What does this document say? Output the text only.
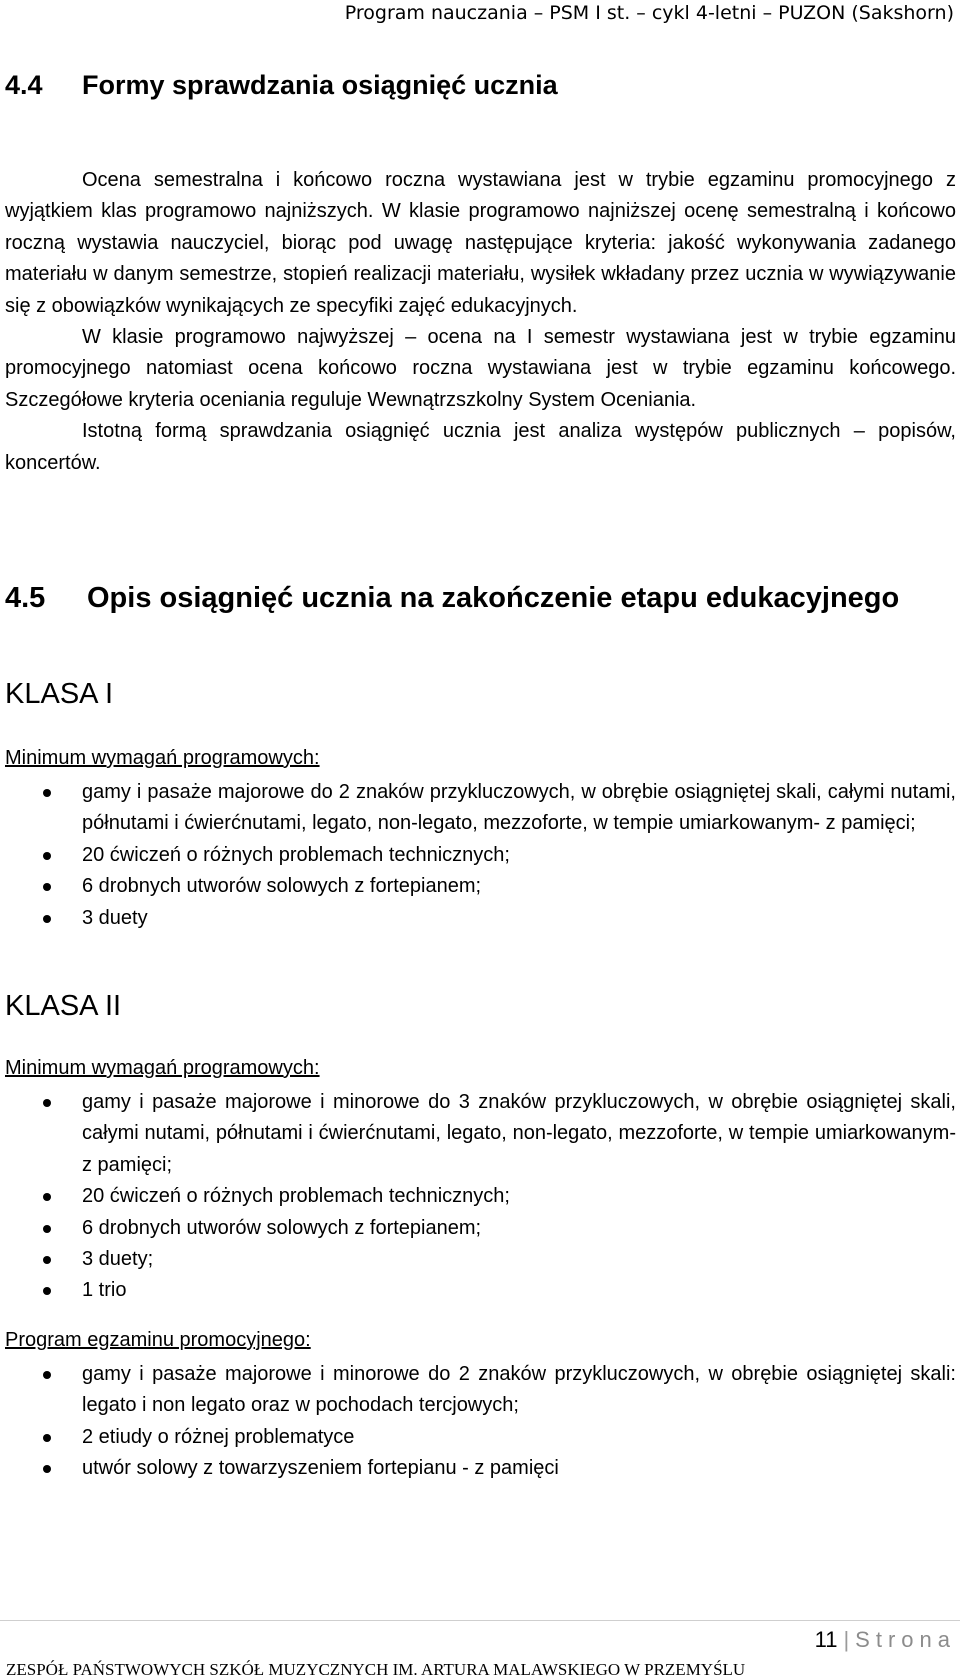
Program nauczania – PSM I st. – cykl 4-letni – PUZON (Sakshorn)
4.4 Formy sprawdzania osiągnięć ucznia

Ocena semestralna i końcowo roczna wystawiana jest w trybie egzaminu promocyjnego z wyjątkiem klas programowo najniższych. W klasie programowo najniższej ocenę semestralną i końcowo roczną wystawia nauczyciel, biorąc pod uwagę następujące kryteria: jakość wykonywania zadanego materiału w danym semestrze, stopień realizacji materiału, wysiłek wkładany przez ucznia w wywiązywanie się z obowiązków wynikających ze specyfiki zajęć edukacyjnych.

W klasie programowo najwyższej – ocena na I semestr wystawiana jest w trybie egzaminu promocyjnego natomiast ocena końcowo roczna wystawiana jest w trybie egzaminu końcowego. Szczegółowe kryteria oceniania reguluje Wewnątrzszkolny System Oceniania.

Istotną formą sprawdzania osiągnięć ucznia jest analiza występów publicznych – popisów, koncertów.

4.5 Opis osiągnięć ucznia na zakończenie etapu edukacyjnego
KLASA I
Minimum wymagań programowych:
gamy i pasaże majorowe do 2 znaków przykluczowych, w obrębie osiągniętej skali, całymi nutami, półnutami i ćwierćnutami, legato, non-legato, mezzoforte, w tempie umiarkowanym- z pamięci;
20 ćwiczeń o różnych problemach technicznych;
6 drobnych utworów solowych z fortepianem;
3 duety
KLASA II
Minimum wymagań programowych:
gamy i pasaże majorowe i minorowe do 3 znaków przykluczowych, w obrębie osiągniętej skali, całymi nutami, półnutami i ćwierćnutami, legato, non-legato, mezzoforte, w tempie umiarkowanym- z pamięci;
20 ćwiczeń o różnych problemach technicznych;
6 drobnych utworów solowych z fortepianem;
3 duety;
1 trio
Program egzaminu promocyjnego:
gamy i pasaże majorowe i minorowe do 2 znaków przykluczowych, w obrębie osiągniętej skali: legato i non legato oraz w pochodach tercjowych;
2 etiudy o różnej problematyce
utwór solowy z towarzyszeniem fortepianu - z pamięci
11 | Strona
ZESPÓŁ PAŃSTWOWYCH SZKÓŁ MUZYCZNYCH IM. ARTURA MALAWSKIEGO W PRZEMYŚLU
